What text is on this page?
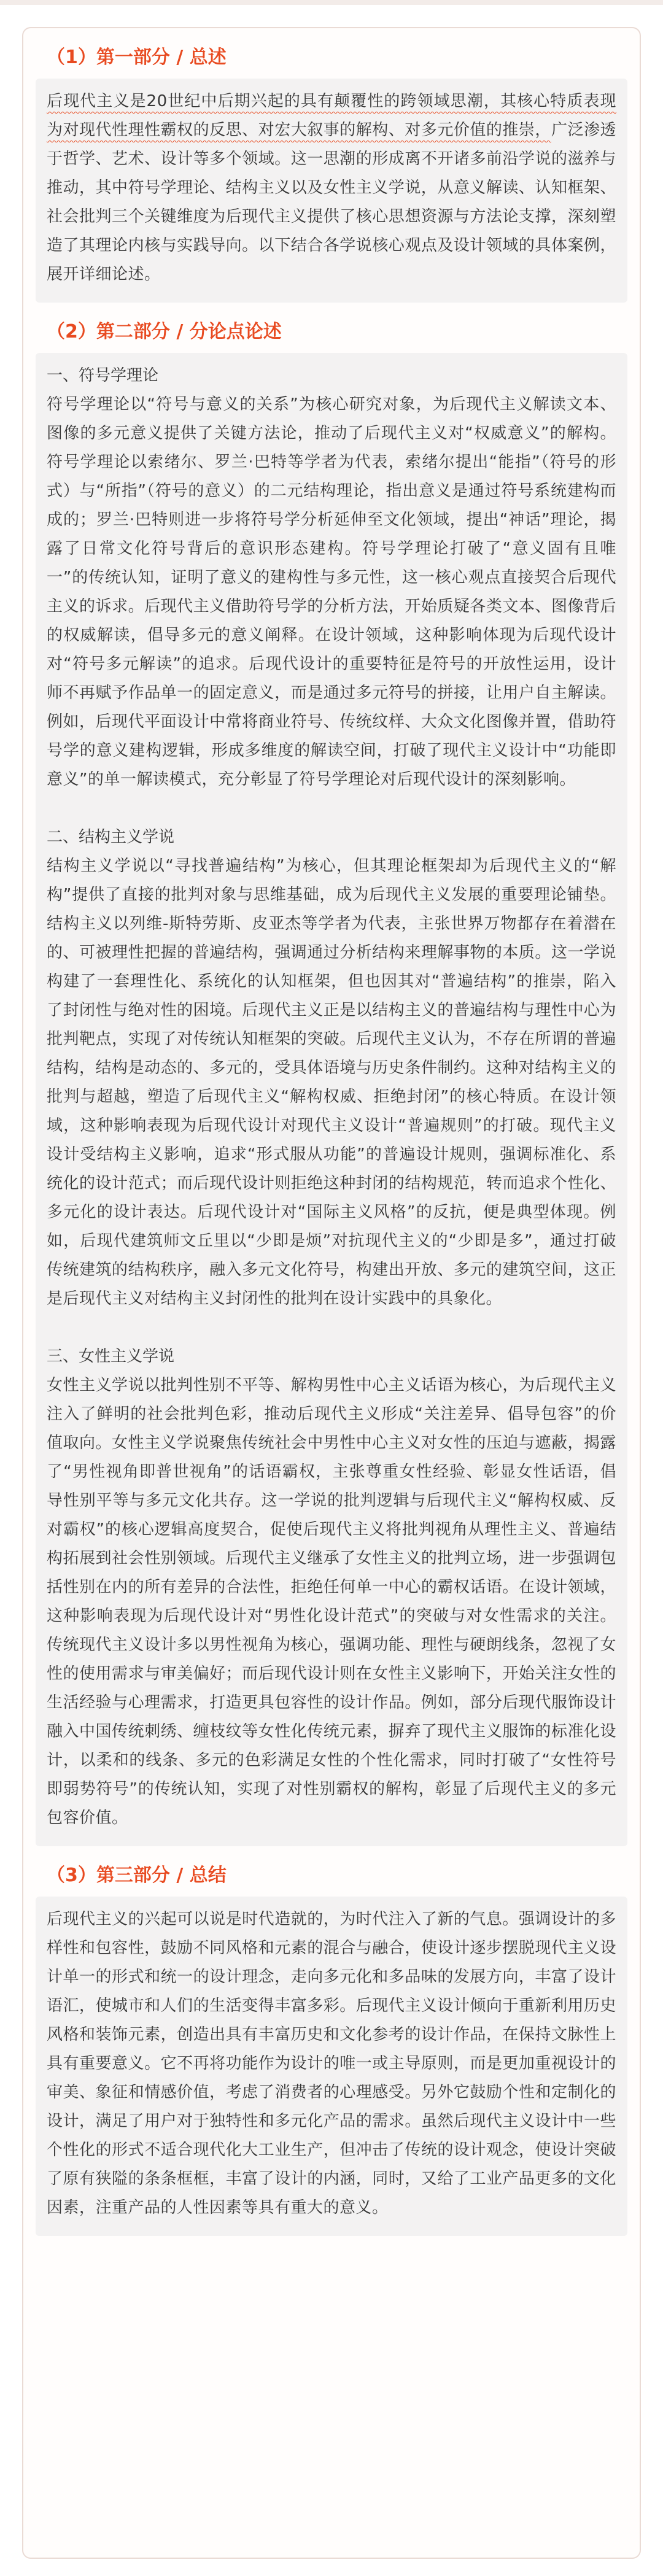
（1）第一部分 / 总述

后现代主义是20世纪中后期兴起的具有颠覆性的跨领域思潮，其核心特质表现为对现代性理性霸权的反思、对宏大叙事的解构、对多元价值的推崇，广泛渗透于哲学、艺术、设计等多个领域。这一思潮的形成离不开诸多前沿学说的滋养与推动，其中符号学理论、结构主义以及女性主义学说，从意义解读、认知框架、社会批判三个关键维度为后现代主义提供了核心思想资源与方法论支撑，深刻塑造了其理论内核与实践导向。以下结合各学说核心观点及设计领域的具体案例，展开详细论述。

（2）第二部分 / 分论点论述
一、符号学理论

符号学理论以“符号与意义的关系”为核心研究对象，为后现代主义解读文本、图像的多元意义提供了关键方法论，推动了后现代主义对“权威意义”的解构。符号学理论以索绪尔、罗兰·巴特等学者为代表，索绪尔提出“能指”（符号的形式）与“所指”（符号的意义）的二元结构理论，指出意义是通过符号系统建构而成的；罗兰·巴特则进一步将符号学分析延伸至文化领域，提出“神话”理论，揭露了日常文化符号背后的意识形态建构。符号学理论打破了“意义固有且唯一”的传统认知，证明了意义的建构性与多元性，这一核心观点直接契合后现代主义的诉求。后现代主义借助符号学的分析方法，开始质疑各类文本、图像背后的权威解读，倡导多元的意义阐释。在设计领域，这种影响体现为后现代设计对“符号多元解读”的追求。后现代设计的重要特征是符号的开放性运用，设计师不再赋予作品单一的固定意义，而是通过多元符号的拼接，让用户自主解读。例如，后现代平面设计中常将商业符号、传统纹样、大众文化图像并置，借助符号学的意义建构逻辑，形成多维度的解读空间，打破了现代主义设计中“功能即意义”的单一解读模式，充分彰显了符号学理论对后现代设计的深刻影响。

二、结构主义学说

结构主义学说以“寻找普遍结构”为核心，但其理论框架却为后现代主义的“解构”提供了直接的批判对象与思维基础，成为后现代主义发展的重要理论铺垫。结构主义以列维-斯特劳斯、皮亚杰等学者为代表，主张世界万物都存在着潜在的、可被理性把握的普遍结构，强调通过分析结构来理解事物的本质。这一学说构建了一套理性化、系统化的认知框架，但也因其对“普遍结构”的推崇，陷入了封闭性与绝对性的困境。后现代主义正是以结构主义的普遍结构与理性中心为批判靶点，实现了对传统认知框架的突破。后现代主义认为，不存在所谓的普遍结构，结构是动态的、多元的，受具体语境与历史条件制约。这种对结构主义的批判与超越，塑造了后现代主义“解构权威、拒绝封闭”的核心特质。在设计领域，这种影响表现为后现代设计对现代主义设计“普遍规则”的打破。现代主义设计受结构主义影响，追求“形式服从功能”的普遍设计规则，强调标准化、系统化的设计范式；而后现代设计则拒绝这种封闭的结构规范，转而追求个性化、多元化的设计表达。后现代设计对“国际主义风格”的反抗，便是典型体现。例如，后现代建筑师文丘里以“少即是烦”对抗现代主义的“少即是多”，通过打破传统建筑的结构秩序，融入多元文化符号，构建出开放、多元的建筑空间，这正是后现代主义对结构主义封闭性的批判在设计实践中的具象化。

三、女性主义学说

女性主义学说以批判性别不平等、解构男性中心主义话语为核心，为后现代主义注入了鲜明的社会批判色彩，推动后现代主义形成“关注差异、倡导包容”的价值取向。女性主义学说聚焦传统社会中男性中心主义对女性的压迫与遮蔽，揭露了“男性视角即普世视角”的话语霸权，主张尊重女性经验、彰显女性话语，倡导性别平等与多元文化共存。这一学说的批判逻辑与后现代主义“解构权威、反对霸权”的核心逻辑高度契合，促使后现代主义将批判视角从理性主义、普遍结构拓展到社会性别领域。后现代主义继承了女性主义的批判立场，进一步强调包括性别在内的所有差异的合法性，拒绝任何单一中心的霸权话语。在设计领域，这种影响表现为后现代设计对“男性化设计范式”的突破与对女性需求的关注。传统现代主义设计多以男性视角为核心，强调功能、理性与硬朗线条，忽视了女性的使用需求与审美偏好；而后现代设计则在女性主义影响下，开始关注女性的生活经验与心理需求，打造更具包容性的设计作品。例如，部分后现代服饰设计融入中国传统刺绣、缠枝纹等女性化传统元素，摒弃了现代主义服饰的标准化设计，以柔和的线条、多元的色彩满足女性的个性化需求，同时打破了“女性符号即弱势符号”的传统认知，实现了对性别霸权的解构，彰显了后现代主义的多元包容价值。

（3）第三部分 / 总结

后现代主义的兴起可以说是时代造就的，为时代注入了新的气息。强调设计的多样性和包容性，鼓励不同风格和元素的混合与融合，使设计逐步摆脱现代主义设计单一的形式和统一的设计理念，走向多元化和多品味的发展方向，丰富了设计语汇，使城市和人们的生活变得丰富多彩。后现代主义设计倾向于重新利用历史风格和装饰元素，创造出具有丰富历史和文化参考的设计作品，在保持文脉性上具有重要意义。它不再将功能作为设计的唯一或主导原则，而是更加重视设计的审美、象征和情感价值，考虑了消费者的心理感受。另外它鼓励个性和定制化的设计，满足了用户对于独特性和多元化产品的需求。虽然后现代主义设计中一些个性化的形式不适合现代化大工业生产，但冲击了传统的设计观念，使设计突破了原有狭隘的条条框框，丰富了设计的内涵，同时，又给了工业产品更多的文化因素，注重产品的人性因素等具有重大的意义。
